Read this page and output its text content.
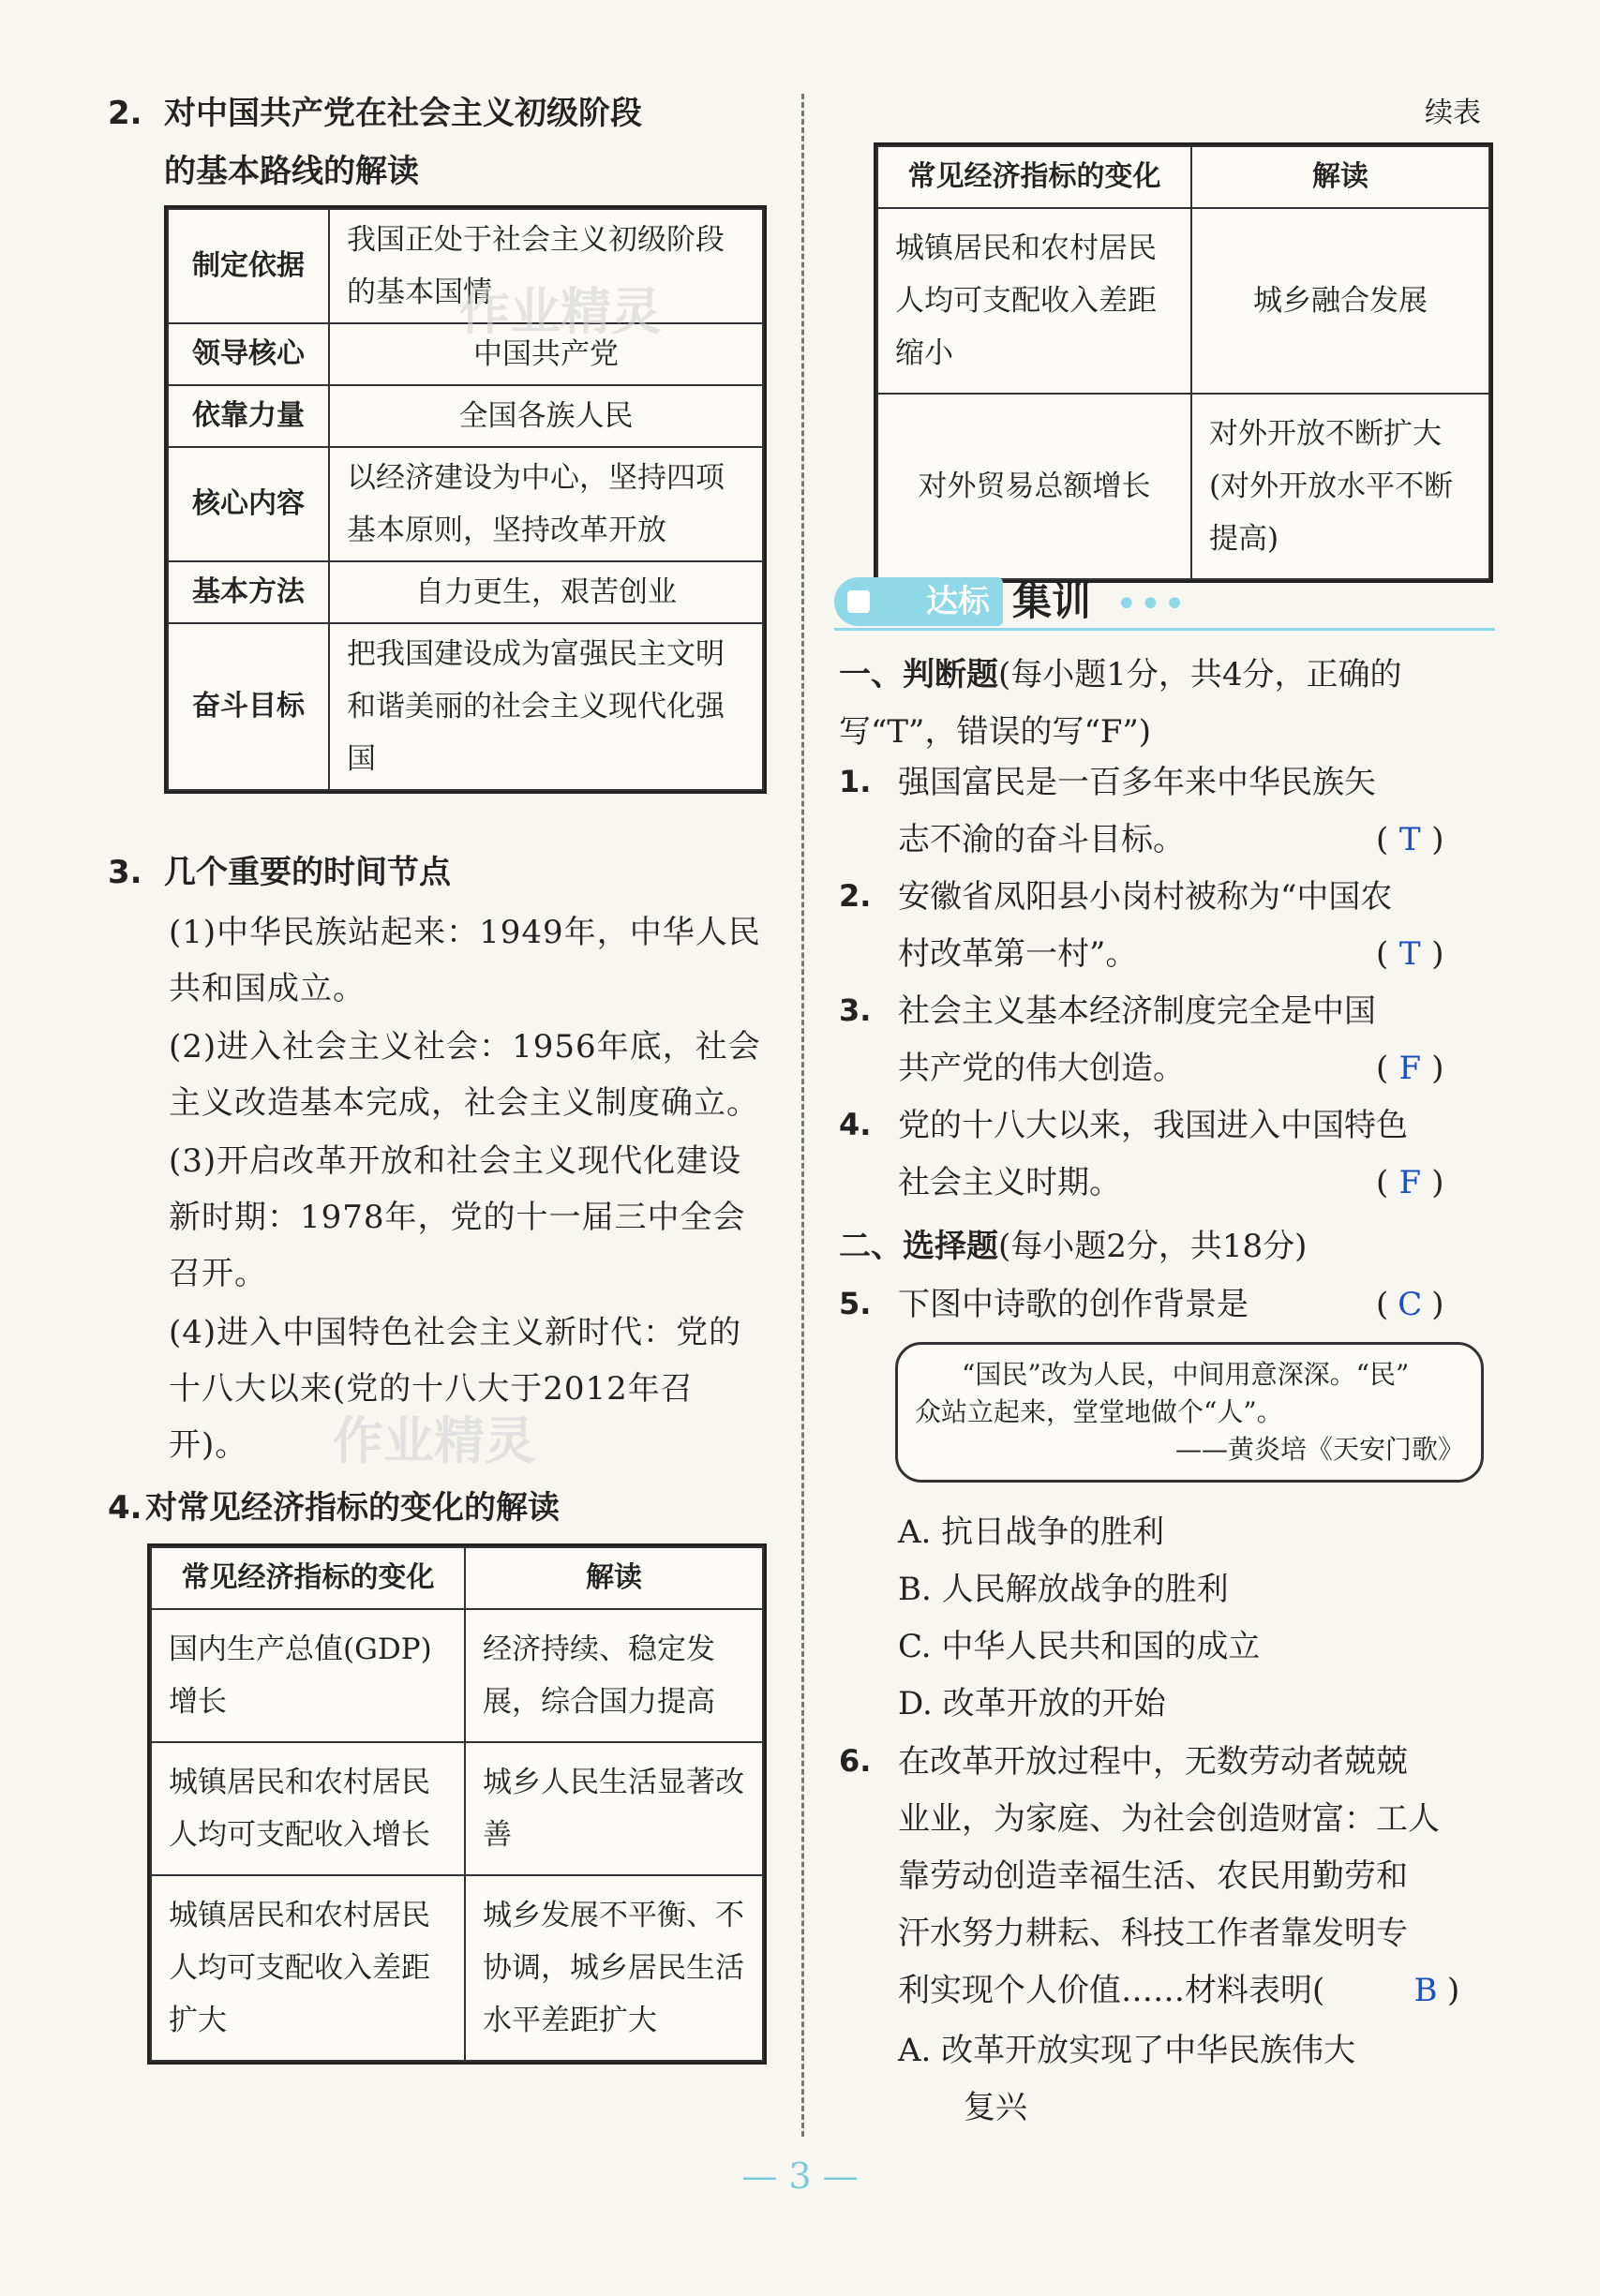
2. 对中国共产党在社会主义初级阶段
的基本路线的解读
制定依据	我国正处于社会主义初级阶段的基本国情
领导核心	中国共产党
依靠力量	全国各族人民
核心内容	以经济建设为中心，坚持四项基本原则，坚持改革开放
基本方法	自力更生，艰苦创业
奋斗目标	把我国建设成为富强民主文明和谐美丽的社会主义现代化强国
作业精灵
3. 几个重要的时间节点
(1)中华民族站起来：1949年，中华人民共和国成立。
(2)进入社会主义社会：1956年底，社会主义改造基本完成，社会主义制度确立。
(3)开启改革开放和社会主义现代化建设新时期：1978年，党的十一届三中全会召开。
(4)进入中国特色社会主义新时代：党的十八大以来(党的十八大于2012年召开)。	作业精灵
4. 对常见经济指标的变化的解读
常见经济指标的变化	解读
国内生产总值(GDP)增长	经济持续、稳定发展，综合国力提高
城镇居民和农村居民人均可支配收入增长	城乡人民生活显著改善
城镇居民和农村居民人均可支配收入差距扩大	城乡发展不平衡、不协调，城乡居民生活水平差距扩大
续表
常见经济指标的变化	解读
城镇居民和农村居民人均可支配收入差距缩小	城乡融合发展
对外贸易总额增长	对外开放不断扩大(对外开放水平不断提高)
达标 集训 •••
一、判断题(每小题1分，共4分，正确的写“T”，错误的写“F”)
1. 强国富民是一百多年来中华民族矢
志不渝的奋斗目标。	( T )
2. 安徽省凤阳县小岗村被称为“中国农
村改革第一村”。	( T )
3. 社会主义基本经济制度完全是中国
共产党的伟大创造。	( F )
4. 党的十八大以来，我国进入中国特色
社会主义时期。	( F )
二、选择题(每小题2分，共18分)
5. 下图中诗歌的创作背景是	( C )
“国民”改为人民，中间用意深深。“民”
众站立起来，堂堂地做个“人”。
——黄炎培《天安门歌》
A. 抗日战争的胜利
B. 人民解放战争的胜利
C. 中华人民共和国的成立
D. 改革开放的开始
6. 在改革开放过程中，无数劳动者兢兢
业业，为家庭、为社会创造财富：工人
靠劳动创造幸福生活、农民用勤劳和
汗水努力耕耘、科技工作者靠发明专
利实现个人价值……材料表明(	B )
A. 改革开放实现了中华民族伟大
复兴
— 3 —
